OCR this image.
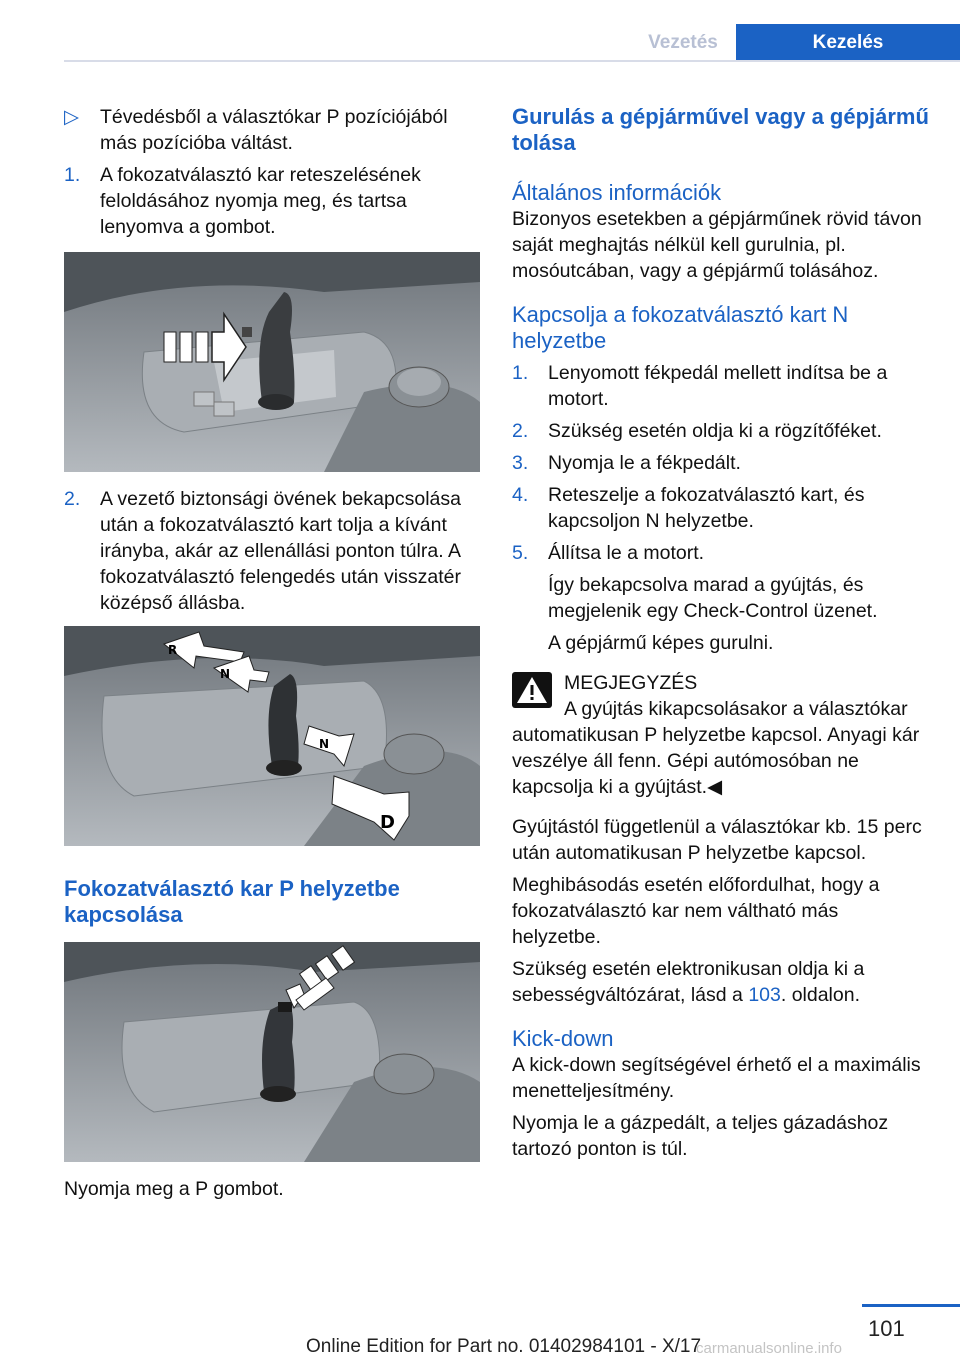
Vezetés	Kezelés
▷ Tévedésből a választókar P pozíciójából más pozícióba váltást.
1. A fokozatválasztó kar reteszelésének feloldásához nyomja meg, és tartsa lenyomva a gombot.
2. A vezető biztonsági övének bekapcsolása után a fokozatválasztó kart tolja a kívánt irányba, akár az ellenállási ponton túlra. A fokozatválasztó felengedés után visszatér középső állásba.
R
N
N
D

Fokozatválasztó kar P helyzetbe kapcsolása

Nyomja meg a P gombot.

Gurulás a gépjárművel vagy a gépjármű tolása

Általános információk

Bizonyos esetekben a gépjárműnek rövid távon saját meghajtás nélkül kell gurulnia, pl. mosóutcában, vagy a gépjármű tolásához.

Kapcsolja a fokozatválasztó kart N helyzetbe

1. Lenyomott fékpedál mellett indítsa be a motort.
2. Szükség esetén oldja ki a rögzítőféket.
3. Nyomja le a fékpedált.
4. Reteszelje a fokozatválasztó kart, és kapcsoljon N helyzetbe.
5. Állítsa le a motort.
Így bekapcsolva marad a gyújtás, és megjelenik egy Check-Control üzenet.
A gépjármű képes gurulni.

MEGJEGYZÉS

A gyújtás kikapcsolásakor a választókar automatikusan P helyzetbe kapcsol. Anyagi kár veszélye áll fenn. Gépi autómosóban ne kapcsolja ki a gyújtást.◀

Gyújtástól függetlenül a választókar kb. 15 perc után automatikusan P helyzetbe kapcsol.

Meghibásodás esetén előfordulhat, hogy a fokozatválasztó kar nem váltható más helyzetbe.

Szükség esetén elektronikusan oldja ki a sebességváltózárat, lásd a 103. oldalon.

Kick-down

A kick-down segítségével érhető el a maximális menetteljesítmény.

Nyomja le a gázpedált, a teljes gázadáshoz tartozó ponton is túl.

101
Online Edition for Part no. 01402984101 - X/17
carmanualsonline.info
